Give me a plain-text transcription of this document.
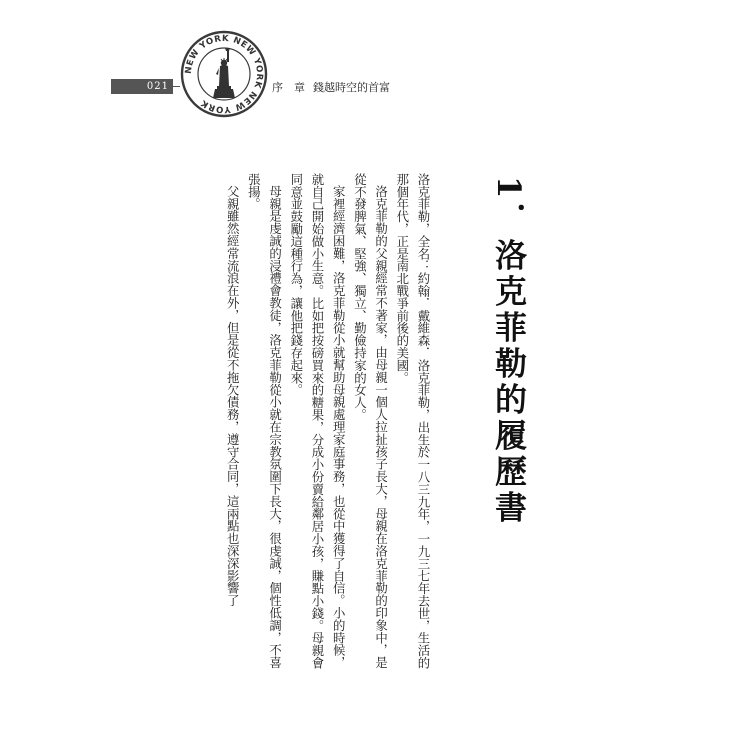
021
NEW YORK NEW YORK NEW YORK
序　章 錢越時空的首富
1．洛克菲勒的履歷書

洛克菲勒，全名：約翰．戴維森．洛克菲勒，出生於一八三九年，一九三七年去世，生活的那個年代，正是南北戰爭前後的美國。

洛克菲勒的父親經常不著家，由母親一個人拉扯孩子長大，母親在洛克菲勒的印象中，是從不發脾氣、堅強、獨立、勤儉持家的女人。

家裡經濟困難，洛克菲勒從小就幫助母親處理家庭事務，也從中獲得了自信。小的時候，就自己開始做小生意。比如把按磅買來的糖果，分成小份賣給鄰居小孩，賺點小錢。母親會同意並鼓勵這種行為，讓他把錢存起來。

母親是虔誠的浸禮會教徒，洛克菲勒從小就在宗教氛圍下長大，很虔誠，個性低調，不喜張揚。

父親雖然經常流浪在外，但是從不拖欠債務，遵守合同，這兩點也深深影響了
